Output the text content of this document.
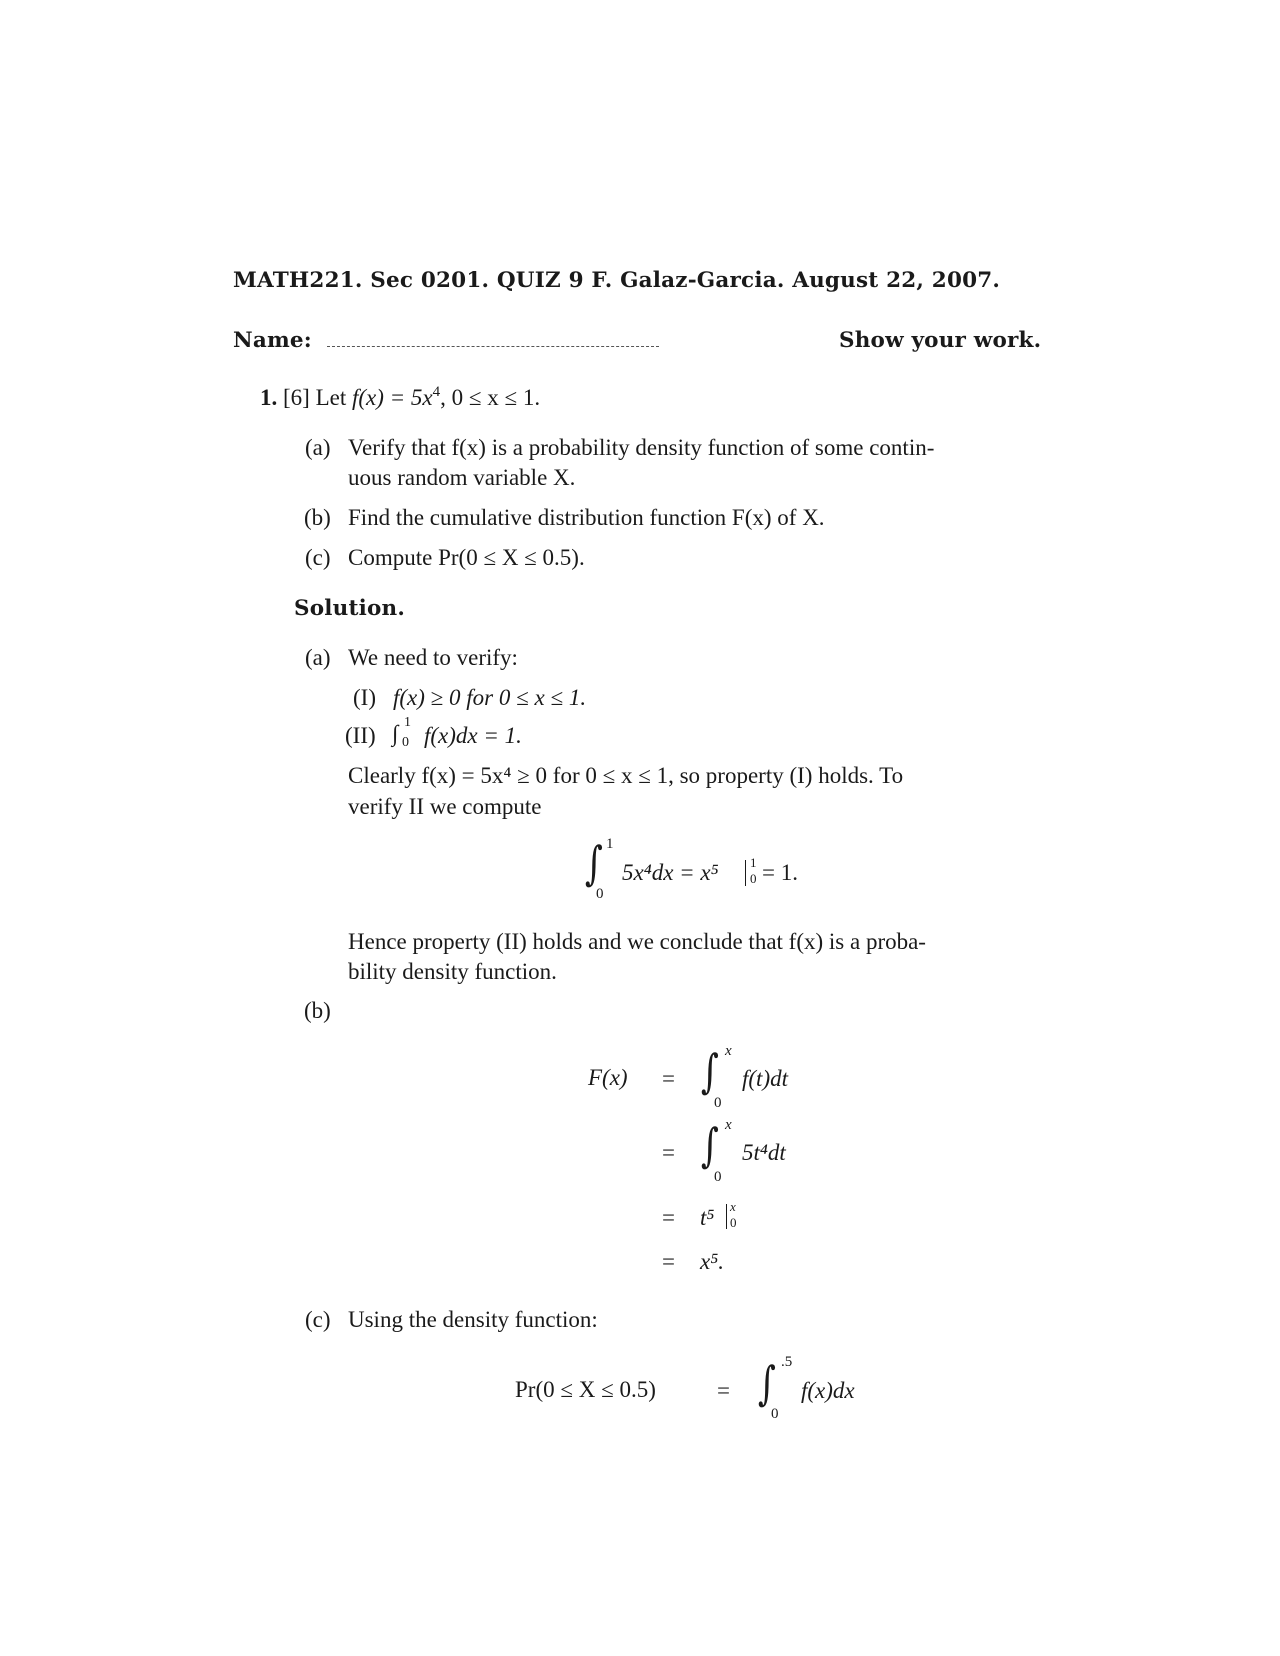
MATH221. Sec 0201. QUIZ 9 F. Galaz-Garcia. August 22, 2007.
Name:	Show your work.
1. [6] Let $f(x) = 5x^4$, 0 ≤ x ≤ 1.
(a) Verify that f(x) is a probability density function of some contin-
uous random variable X.
(b) Find the cumulative distribution function F(x) of X.
(c) Compute Pr(0 ≤ X ≤ 0.5).
Solution.
(a) We need to verify:
(I) f(x) ≥ 0 for 0 ≤ x ≤ 1.
(II) ∫ 1
0 f(x)dx = 1.
Clearly f(x) = 5x⁴ ≥ 0 for 0 ≤ x ≤ 1, so property (I) holds. To
verify II we compute
∫ 1
0
5x⁴dx = x⁵ 1
0 = 1.
Hence property (II) holds and we conclude that f(x) is a proba-
bility density function.
(b)
F(x) = ∫ x
0
f(t)dt
= ∫ x
0
5t⁴dt
= t⁵ x
0
= x⁵.
(c) Using the density function:
Pr(0 ≤ X ≤ 0.5)	= ∫ .5
0
f(x)dx
